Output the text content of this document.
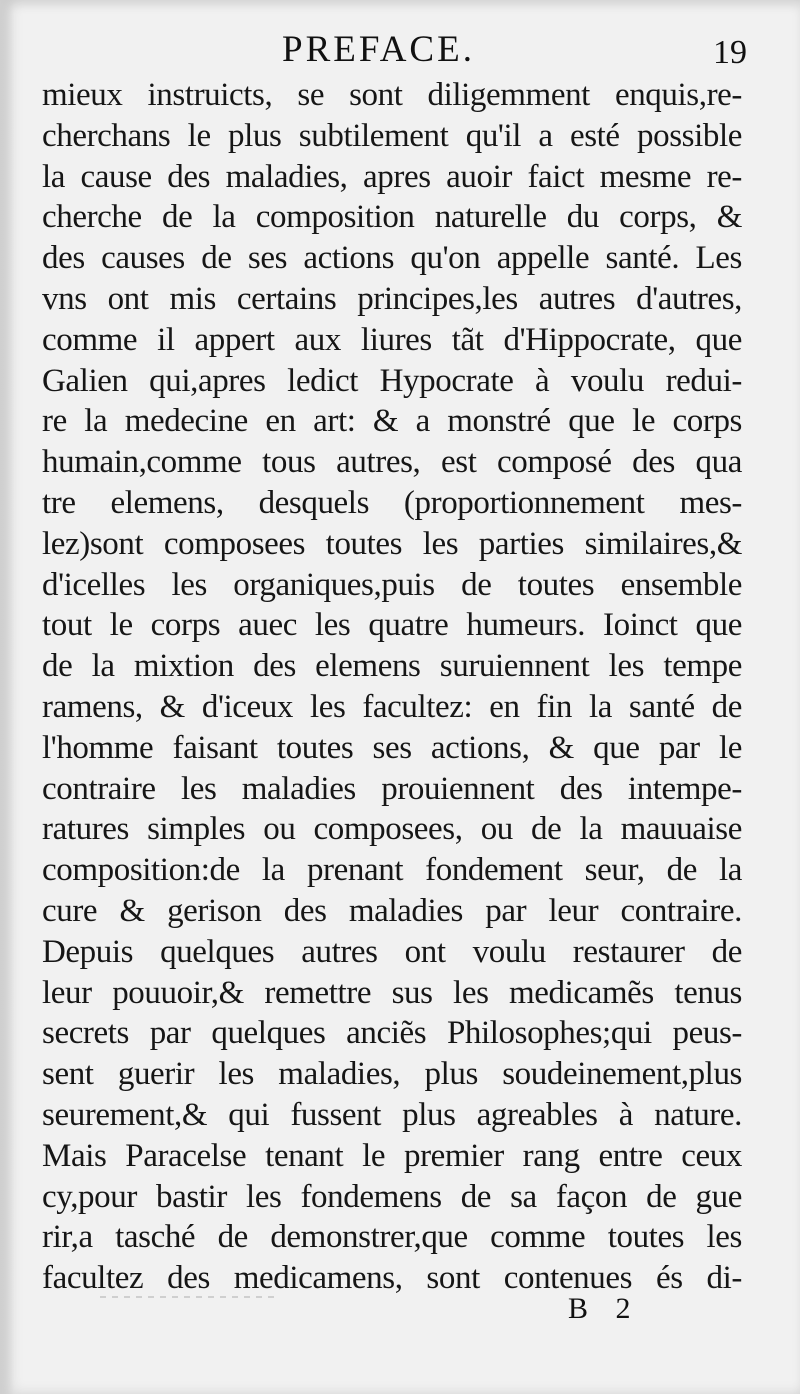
PREFACE.	19
mieux instruicts, se sont diligemment enquis,re-
cherchans le plus subtilement qu'il a esté possible
la cause des maladies, apres auoir faict mesme re-
cherche de la composition naturelle du corps, &
des causes de ses actions qu'on appelle santé. Les
vns ont mis certains principes,les autres d'autres,
comme il appert aux liures tãt d'Hippocrate, que
Galien qui,apres ledict Hypocrate à voulu redui-
re la medecine en art: & a monstré que le corps
humain,comme tous autres, est composé des qua
tre elemens, desquels (proportionnement mes-
lez)sont composees toutes les parties similaires,&
d'icelles les organiques,puis de toutes ensemble
tout le corps auec les quatre humeurs. Ioinct que
de la mixtion des elemens suruiennent les tempe
ramens, & d'iceux les facultez: en fin la santé de
l'homme faisant toutes ses actions, & que par le
contraire les maladies prouiennent des intempe-
ratures simples ou composees, ou de la mauuaise
composition:de la prenant fondement seur, de la
cure & gerison des maladies par leur contraire.
Depuis quelques autres ont voulu restaurer de
leur pouuoir,& remettre sus les medicamẽs tenus
secrets par quelques anciẽs Philosophes;qui peus-
sent guerir les maladies, plus soudeinement,plus
seurement,& qui fussent plus agreables à nature.
Mais Paracelse tenant le premier rang entre ceux
cy,pour bastir les fondemens de sa façon de gue
rir,a tasché de demonstrer,que comme toutes les
facultez des medicamens, sont contenues és di-
B 2
